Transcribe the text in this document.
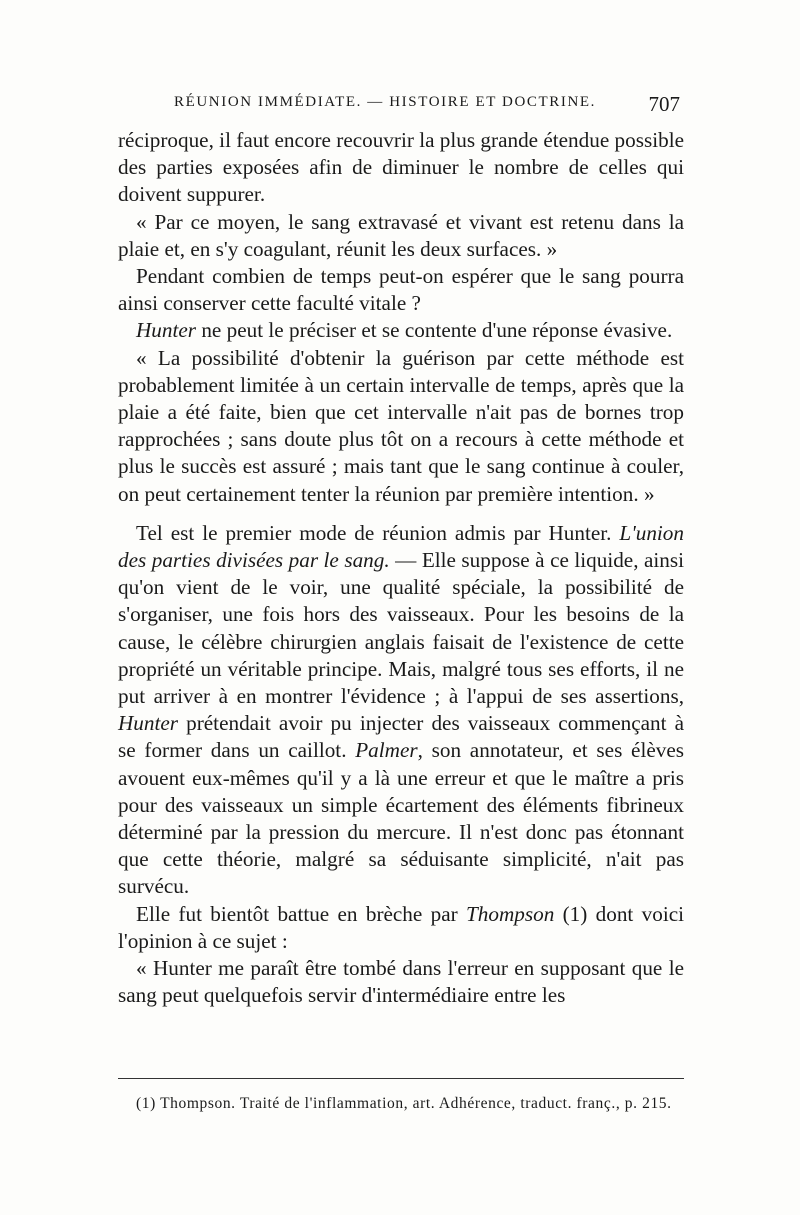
RÉUNION IMMÉDIATE. — HISTOIRE ET DOCTRINE. 707

réciproque, il faut encore recouvrir la plus grande étendue possible des parties exposées afin de diminuer le nombre de celles qui doivent suppurer.

« Par ce moyen, le sang extravasé et vivant est retenu dans la plaie et, en s'y coagulant, réunit les deux surfaces. »

Pendant combien de temps peut-on espérer que le sang pourra ainsi conserver cette faculté vitale ?

Hunter ne peut le préciser et se contente d'une réponse évasive.

« La possibilité d'obtenir la guérison par cette méthode est probablement limitée à un certain intervalle de temps, après que la plaie a été faite, bien que cet intervalle n'ait pas de bornes trop rapprochées ; sans doute plus tôt on a recours à cette méthode et plus le succès est assuré ; mais tant que le sang continue à couler, on peut certainement tenter la réunion par première intention. »

Tel est le premier mode de réunion admis par Hunter. L'union des parties divisées par le sang. — Elle suppose à ce liquide, ainsi qu'on vient de le voir, une qualité spéciale, la possibilité de s'organiser, une fois hors des vaisseaux. Pour les besoins de la cause, le célèbre chirurgien anglais faisait de l'existence de cette propriété un véritable principe. Mais, malgré tous ses efforts, il ne put arriver à en montrer l'évidence ; à l'appui de ses assertions, Hunter prétendait avoir pu injecter des vaisseaux commençant à se former dans un caillot. Palmer, son annotateur, et ses élèves avouent eux-mêmes qu'il y a là une erreur et que le maître a pris pour des vaisseaux un simple écartement des éléments fibrineux déterminé par la pression du mercure. Il n'est donc pas étonnant que cette théorie, malgré sa séduisante simplicité, n'ait pas survécu.

Elle fut bientôt battue en brèche par Thompson (1) dont voici l'opinion à ce sujet :

« Hunter me paraît être tombé dans l'erreur en supposant que le sang peut quelquefois servir d'intermédiaire entre les

(1) Thompson. Traité de l'inflammation, art. Adhérence, traduct. franç., p. 215.
